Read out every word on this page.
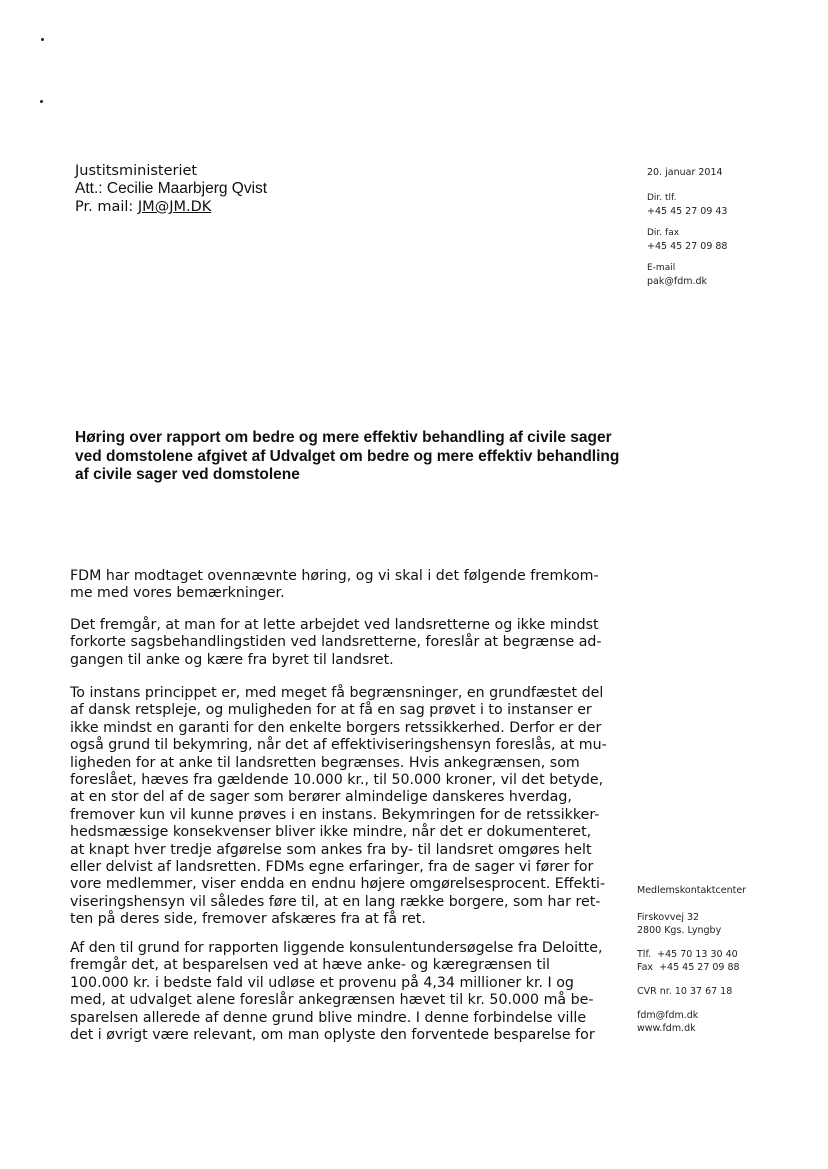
Justitsministeriet
Att.: Cecilie Maarbjerg Qvist
Pr. mail: JM@JM.DK
20. januar 2014
Dir. tlf.
+45 45 27 09 43
Dir. fax
+45 45 27 09 88
E-mail
pak@fdm.dk
Høring over rapport om bedre og mere effektiv behandling af civile sager ved domstolene afgivet af Udvalget om bedre og mere effektiv behandling af civile sager ved domstolene
FDM har modtaget ovennævnte høring, og vi skal i det følgende fremkom-
me med vores bemærkninger.
Det fremgår, at man for at lette arbejdet ved landsretterne og ikke mindst
forkorte sagsbehandlingstiden ved landsretterne, foreslår at begrænse ad-
gangen til anke og kære fra byret til landsret.
To instans princippet er, med meget få begrænsninger, en grundfæstet del
af dansk retspleje, og muligheden for at få en sag prøvet i to instanser er
ikke mindst en garanti for den enkelte borgers retssikkerhed. Derfor er der
også grund til bekymring, når det af effektiviseringshensyn foreslås, at mu-
ligheden for at anke til landsretten begrænses. Hvis ankegrænsen, som
foreslået, hæves fra gældende 10.000 kr., til 50.000 kroner, vil det betyde,
at en stor del af de sager som berører almindelige danskeres hverdag,
fremover kun vil kunne prøves i en instans. Bekymringen for de retssikker-
hedsmæssige konsekvenser bliver ikke mindre, når det er dokumenteret,
at knapt hver tredje afgørelse som ankes fra by- til landsret omgøres helt
eller delvist af landsretten. FDMs egne erfaringer, fra de sager vi fører for
vore medlemmer, viser endda en endnu højere omgørelsesprocent. Effekti-
viseringshensyn vil således føre til, at en lang række borgere, som har ret-
ten på deres side, fremover afskæres fra at få ret.
Af den til grund for rapporten liggende konsulentundersøgelse fra Deloitte,
fremgår det, at besparelsen ved at hæve anke- og kæregrænsen til
100.000 kr. i bedste fald vil udløse et provenu på 4,34 millioner kr. I og
med, at udvalget alene foreslår ankegrænsen hævet til kr. 50.000 må be-
sparelsen allerede af denne grund blive mindre. I denne forbindelse ville
det i øvrigt være relevant, om man oplyste den forventede besparelse for
Medlemskontaktcenter
Firskovvej 32
2800 Kgs. Lyngby
Tlf. +45 70 13 30 40
Fax +45 45 27 09 88
CVR nr. 10 37 67 18
fdm@fdm.dk
www.fdm.dk
